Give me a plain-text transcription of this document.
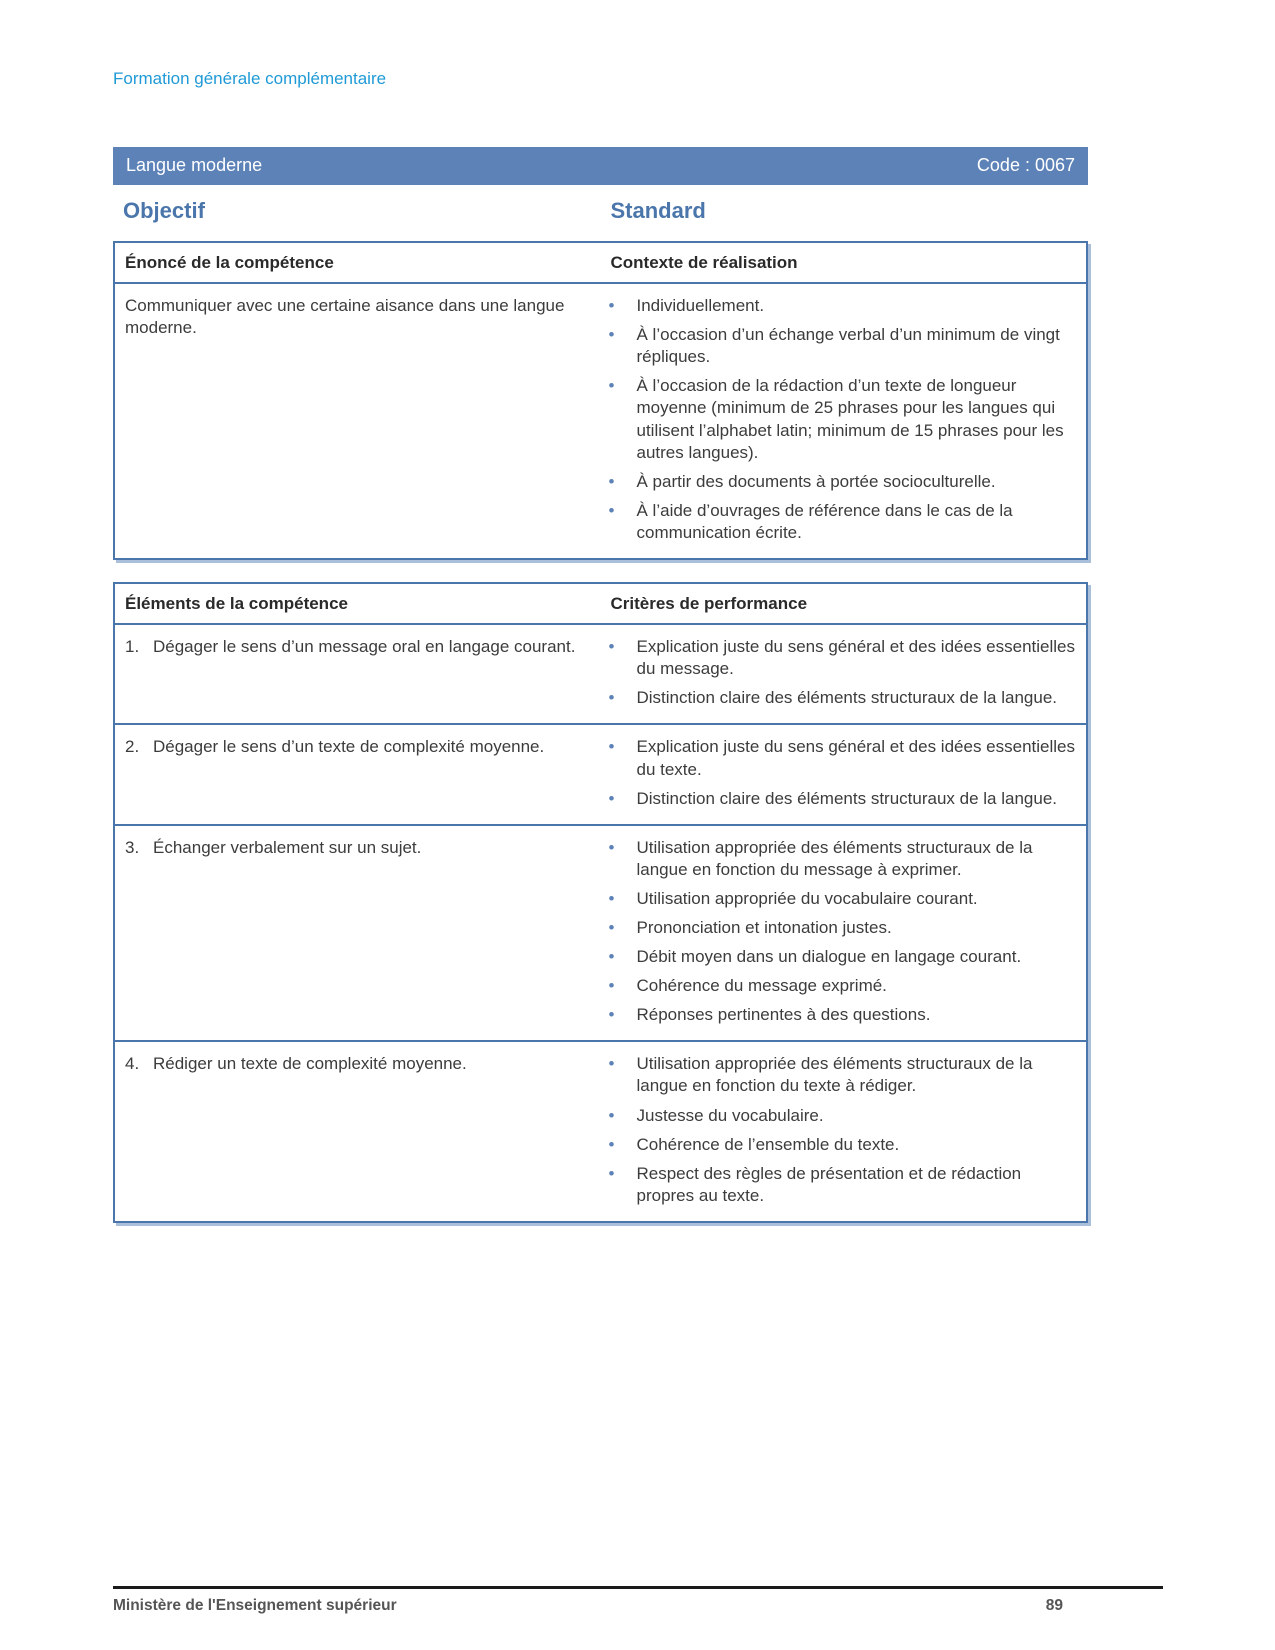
Formation générale complémentaire
Langue moderne	Code : 0067
Objectif	Standard
Énoncé de la compétence	Contexte de réalisation
Communiquer avec une certaine aisance dans une langue moderne.
•	Individuellement.
•	À l’occasion d’un échange verbal d’un minimum de vingt répliques.
•	À l’occasion de la rédaction d’un texte de longueur moyenne (minimum de 25 phrases pour les langues qui utilisent l’alphabet latin; minimum de 15 phrases pour les autres langues).
•	À partir des documents à portée socioculturelle.
•	À l’aide d’ouvrages de référence dans le cas de la communication écrite.
Éléments de la compétence	Critères de performance
1. Dégager le sens d’un message oral en langage courant.	•	Explication juste du sens général et des idées essentielles du message.
•	Distinction claire des éléments structuraux de la langue.
2. Dégager le sens d’un texte de complexité moyenne.	•	Explication juste du sens général et des idées essentielles du texte.
•	Distinction claire des éléments structuraux de la langue.
3. Échanger verbalement sur un sujet.	•	Utilisation appropriée des éléments structuraux de la langue en fonction du message à exprimer.
•	Utilisation appropriée du vocabulaire courant.
•	Prononciation et intonation justes.
•	Débit moyen dans un dialogue en langage courant.
•	Cohérence du message exprimé.
•	Réponses pertinentes à des questions.
4. Rédiger un texte de complexité moyenne.	•	Utilisation appropriée des éléments structuraux de la langue en fonction du texte à rédiger.
•	Justesse du vocabulaire.
•	Cohérence de l’ensemble du texte.
•	Respect des règles de présentation et de rédaction propres au texte.
Ministère de l'Enseignement supérieur	89
